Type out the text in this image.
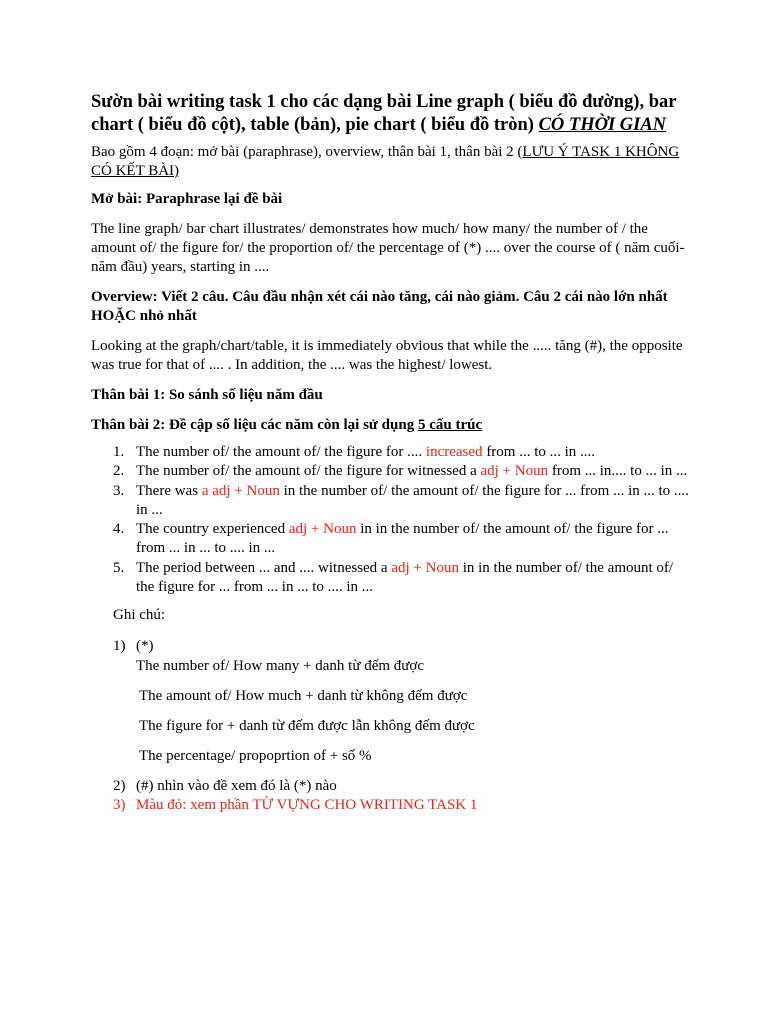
Sườn bài writing task 1 cho các dạng bài Line graph ( biểu đồ đường), bar chart ( biểu đồ cột), table (bản), pie chart ( biểu đồ tròn) CÓ THỜI GIAN

Bao gồm 4 đoạn: mở bài (paraphrase), overview, thân bài 1, thân bài 2 (LƯU Ý TASK 1 KHÔNG CÓ KẾT BÀI)

Mở bài: Paraphrase lại đề bài

The line graph/ bar chart illustrates/ demonstrates how much/ how many/ the number of / the amount of/ the figure for/ the proportion of/ the percentage of (*) .... over the course of ( năm cuối- năm đầu) years, starting in ....

Overview: Viết 2 câu. Câu đầu nhận xét cái nào tăng, cái nào giảm. Câu 2 cái nào lớn nhất HOẶC nhỏ nhất

Looking at the graph/chart/table, it is immediately obvious that while the ..... tăng (#), the opposite was true for that of .... . In addition, the .... was the highest/ lowest.

Thân bài 1: So sánh số liệu năm đầu

Thân bài 2: Đề cập số liệu các năm còn lại sử dụng 5 cấu trúc

1. The number of/ the amount of/ the figure for .... increased from ... to ... in ....
2. The number of/ the amount of/ the figure for witnessed a adj + Noun from ... in.... to ... in ...
3. There was a adj + Noun in the number of/ the amount of/ the figure for ... from ... in ... to .... in ...
4. The country experienced adj + Noun in in the number of/ the amount of/ the figure for ... from ... in ... to .... in ...
5. The period between ... and .... witnessed a adj + Noun in in the number of/ the amount of/ the figure for ... from ... in ... to .... in ...

Ghi chú:

1) (*)
The number of/ How many + danh từ đếm được

The amount of/ How much + danh từ không đếm được

The figure for + danh từ đếm được lẫn không đếm được

The percentage/ propoprtion of + số %

2) (#) nhìn vào đề xem đó là (*) nào
3) Màu đỏ: xem phần TỪ VỰNG CHO WRITING TASK 1
